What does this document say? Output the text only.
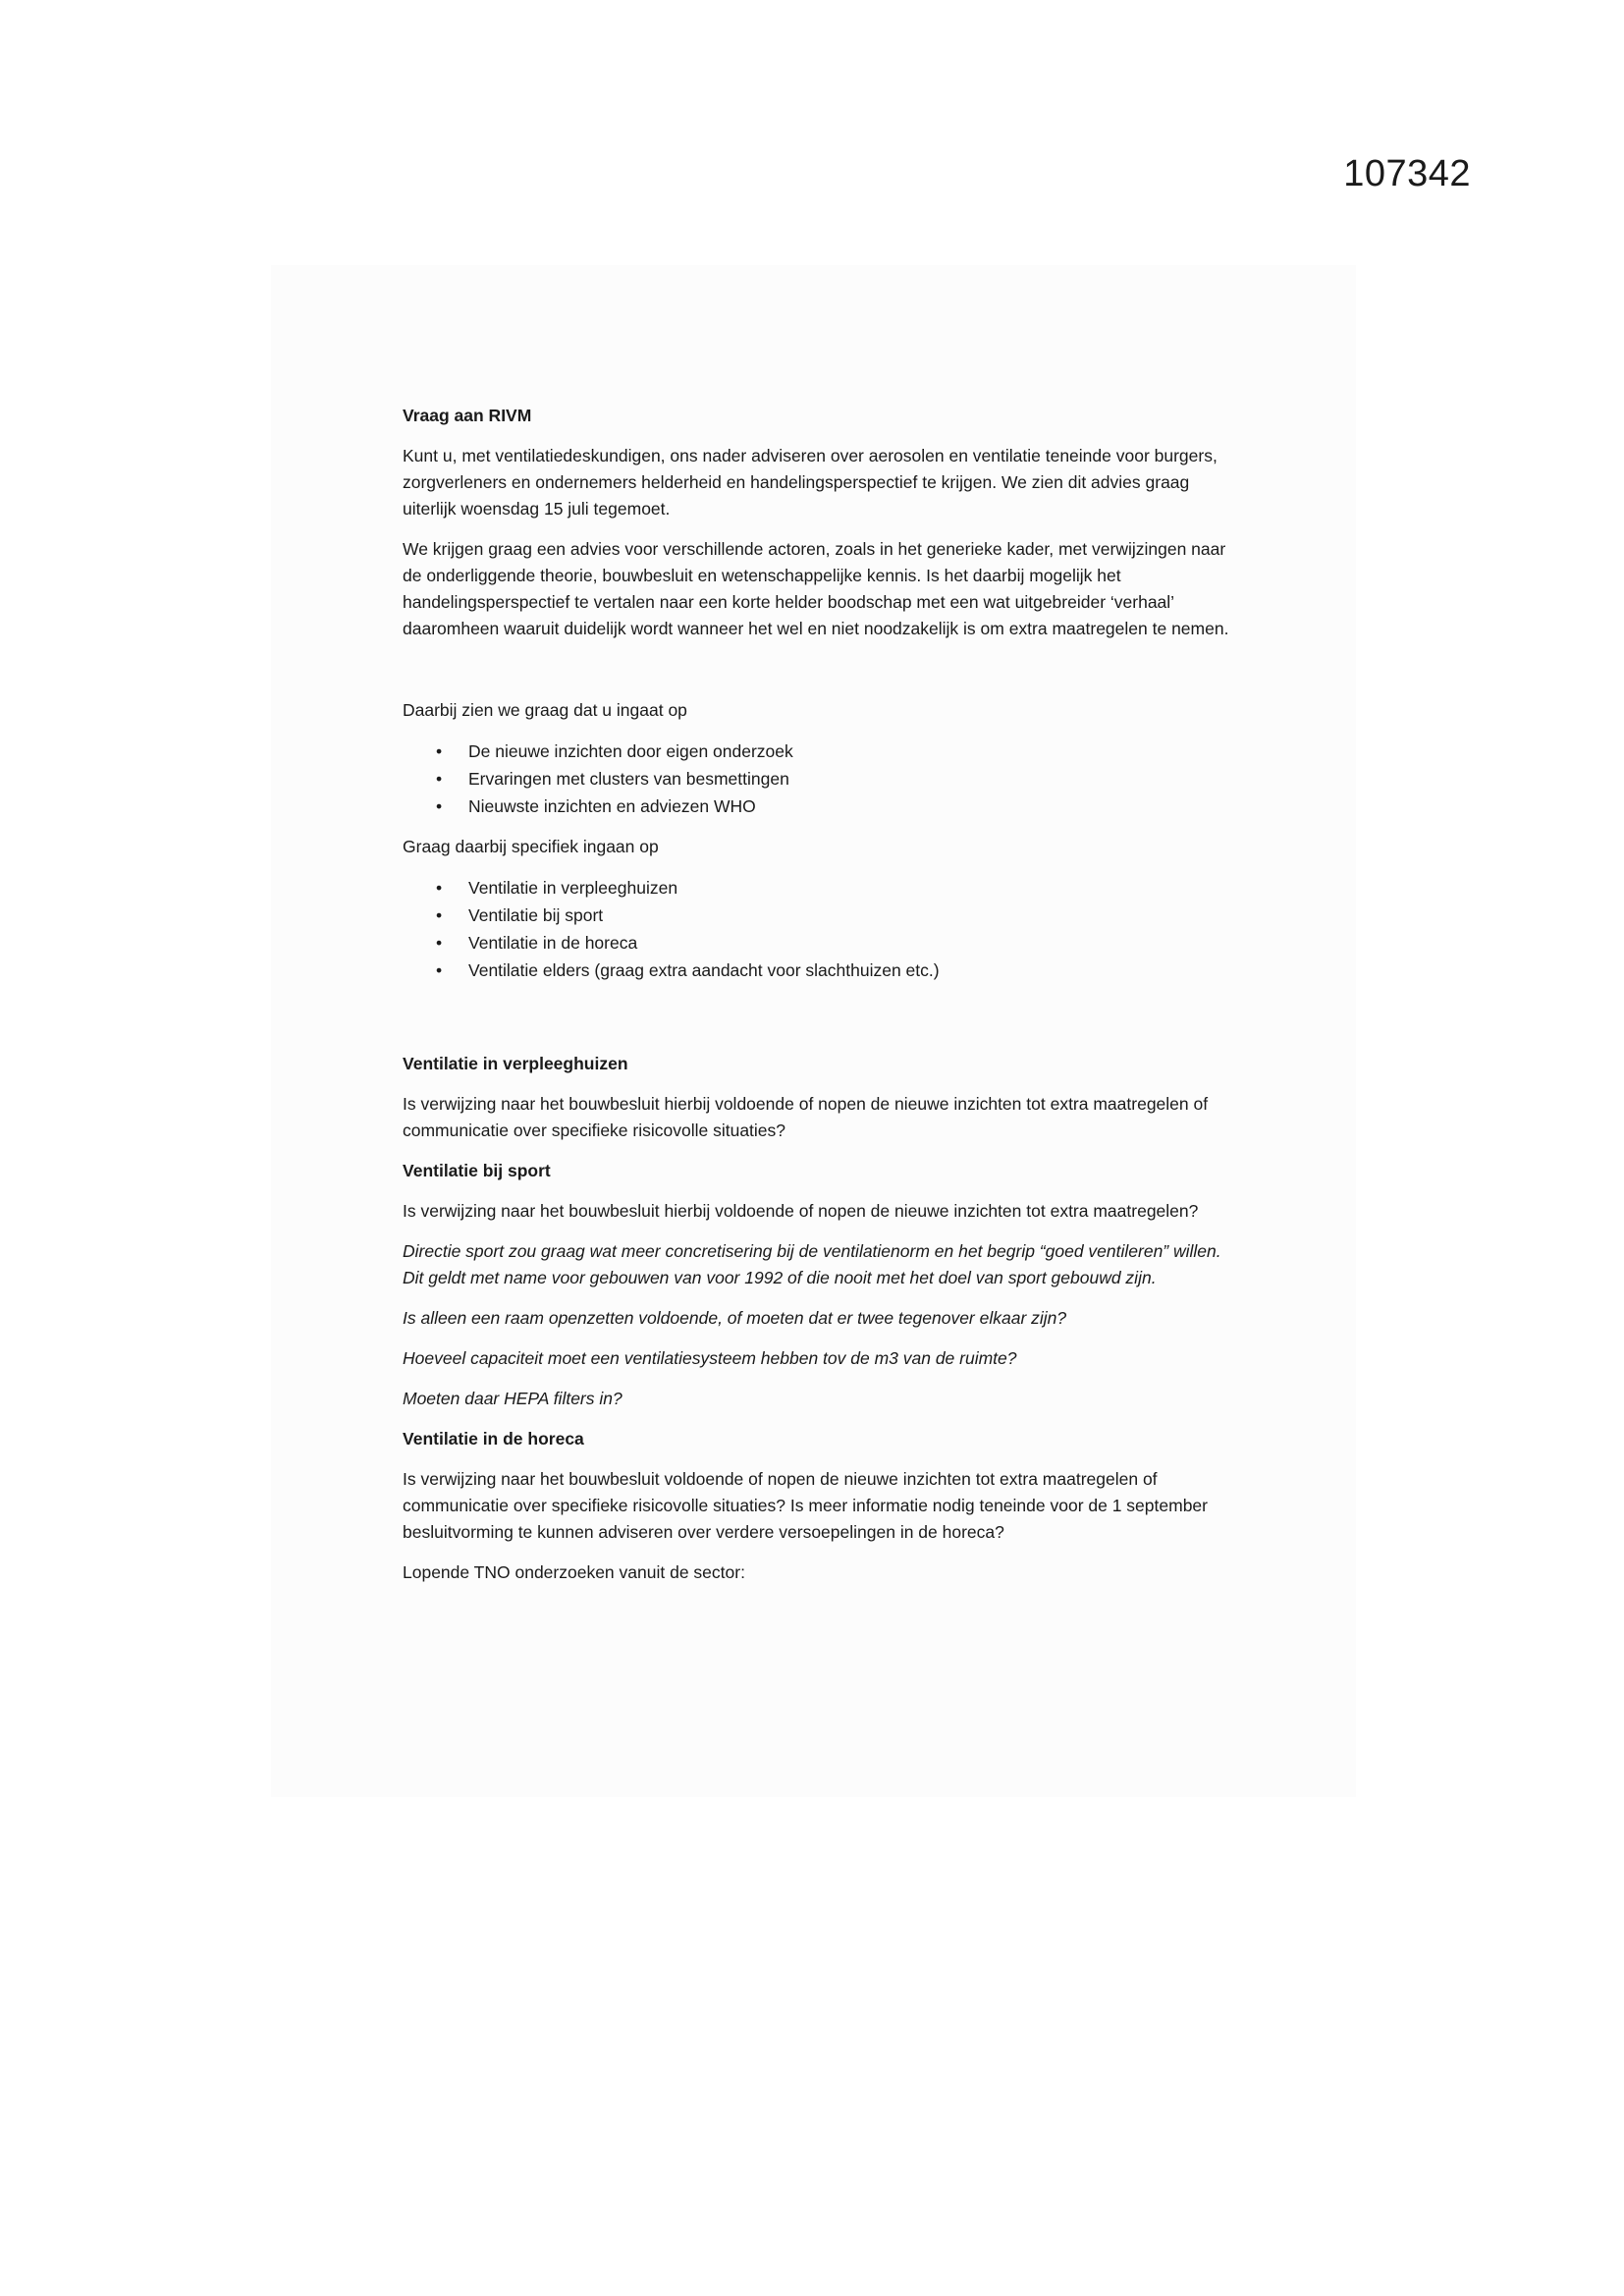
107342
Vraag aan RIVM

Kunt u, met ventilatiedeskundigen, ons nader adviseren over aerosolen en ventilatie teneinde voor burgers, zorgverleners en ondernemers helderheid en handelingsperspectief te krijgen. We zien dit advies graag uiterlijk woensdag 15 juli tegemoet.

We krijgen graag een advies voor verschillende actoren, zoals in het generieke kader, met verwijzingen naar de onderliggende theorie, bouwbesluit en wetenschappelijke kennis. Is het daarbij mogelijk het handelingsperspectief te vertalen naar een korte helder boodschap met een wat uitgebreider ‘verhaal’ daaromheen waaruit duidelijk wordt wanneer het wel en niet noodzakelijk is om extra maatregelen te nemen.

Daarbij zien we graag dat u ingaat op

• De nieuwe inzichten door eigen onderzoek
• Ervaringen met clusters van besmettingen
• Nieuwste inzichten en adviezen WHO

Graag daarbij specifiek ingaan op

• Ventilatie in verpleeghuizen
• Ventilatie bij sport
• Ventilatie in de horeca
• Ventilatie elders (graag extra aandacht voor slachthuizen etc.)
Ventilatie in verpleeghuizen

Is verwijzing naar het bouwbesluit hierbij voldoende of nopen de nieuwe inzichten tot extra maatregelen of communicatie over specifieke risicovolle situaties?

Ventilatie bij sport

Is verwijzing naar het bouwbesluit hierbij voldoende of nopen de nieuwe inzichten tot extra maatregelen?

Directie sport zou graag wat meer concretisering bij de ventilatienorm en het begrip “goed ventileren” willen. Dit geldt met name voor gebouwen van voor 1992 of die nooit met het doel van sport gebouwd zijn.

Is alleen een raam openzetten voldoende, of moeten dat er twee tegenover elkaar zijn?

Hoeveel capaciteit moet een ventilatiesysteem hebben tov de m3 van de ruimte?

Moeten daar HEPA filters in?

Ventilatie in de horeca

Is verwijzing naar het bouwbesluit voldoende of nopen de nieuwe inzichten tot extra maatregelen of communicatie over specifieke risicovolle situaties? Is meer informatie nodig teneinde voor de 1 september besluitvorming te kunnen adviseren over verdere versoepelingen in de horeca?

Lopende TNO onderzoeken vanuit de sector:
